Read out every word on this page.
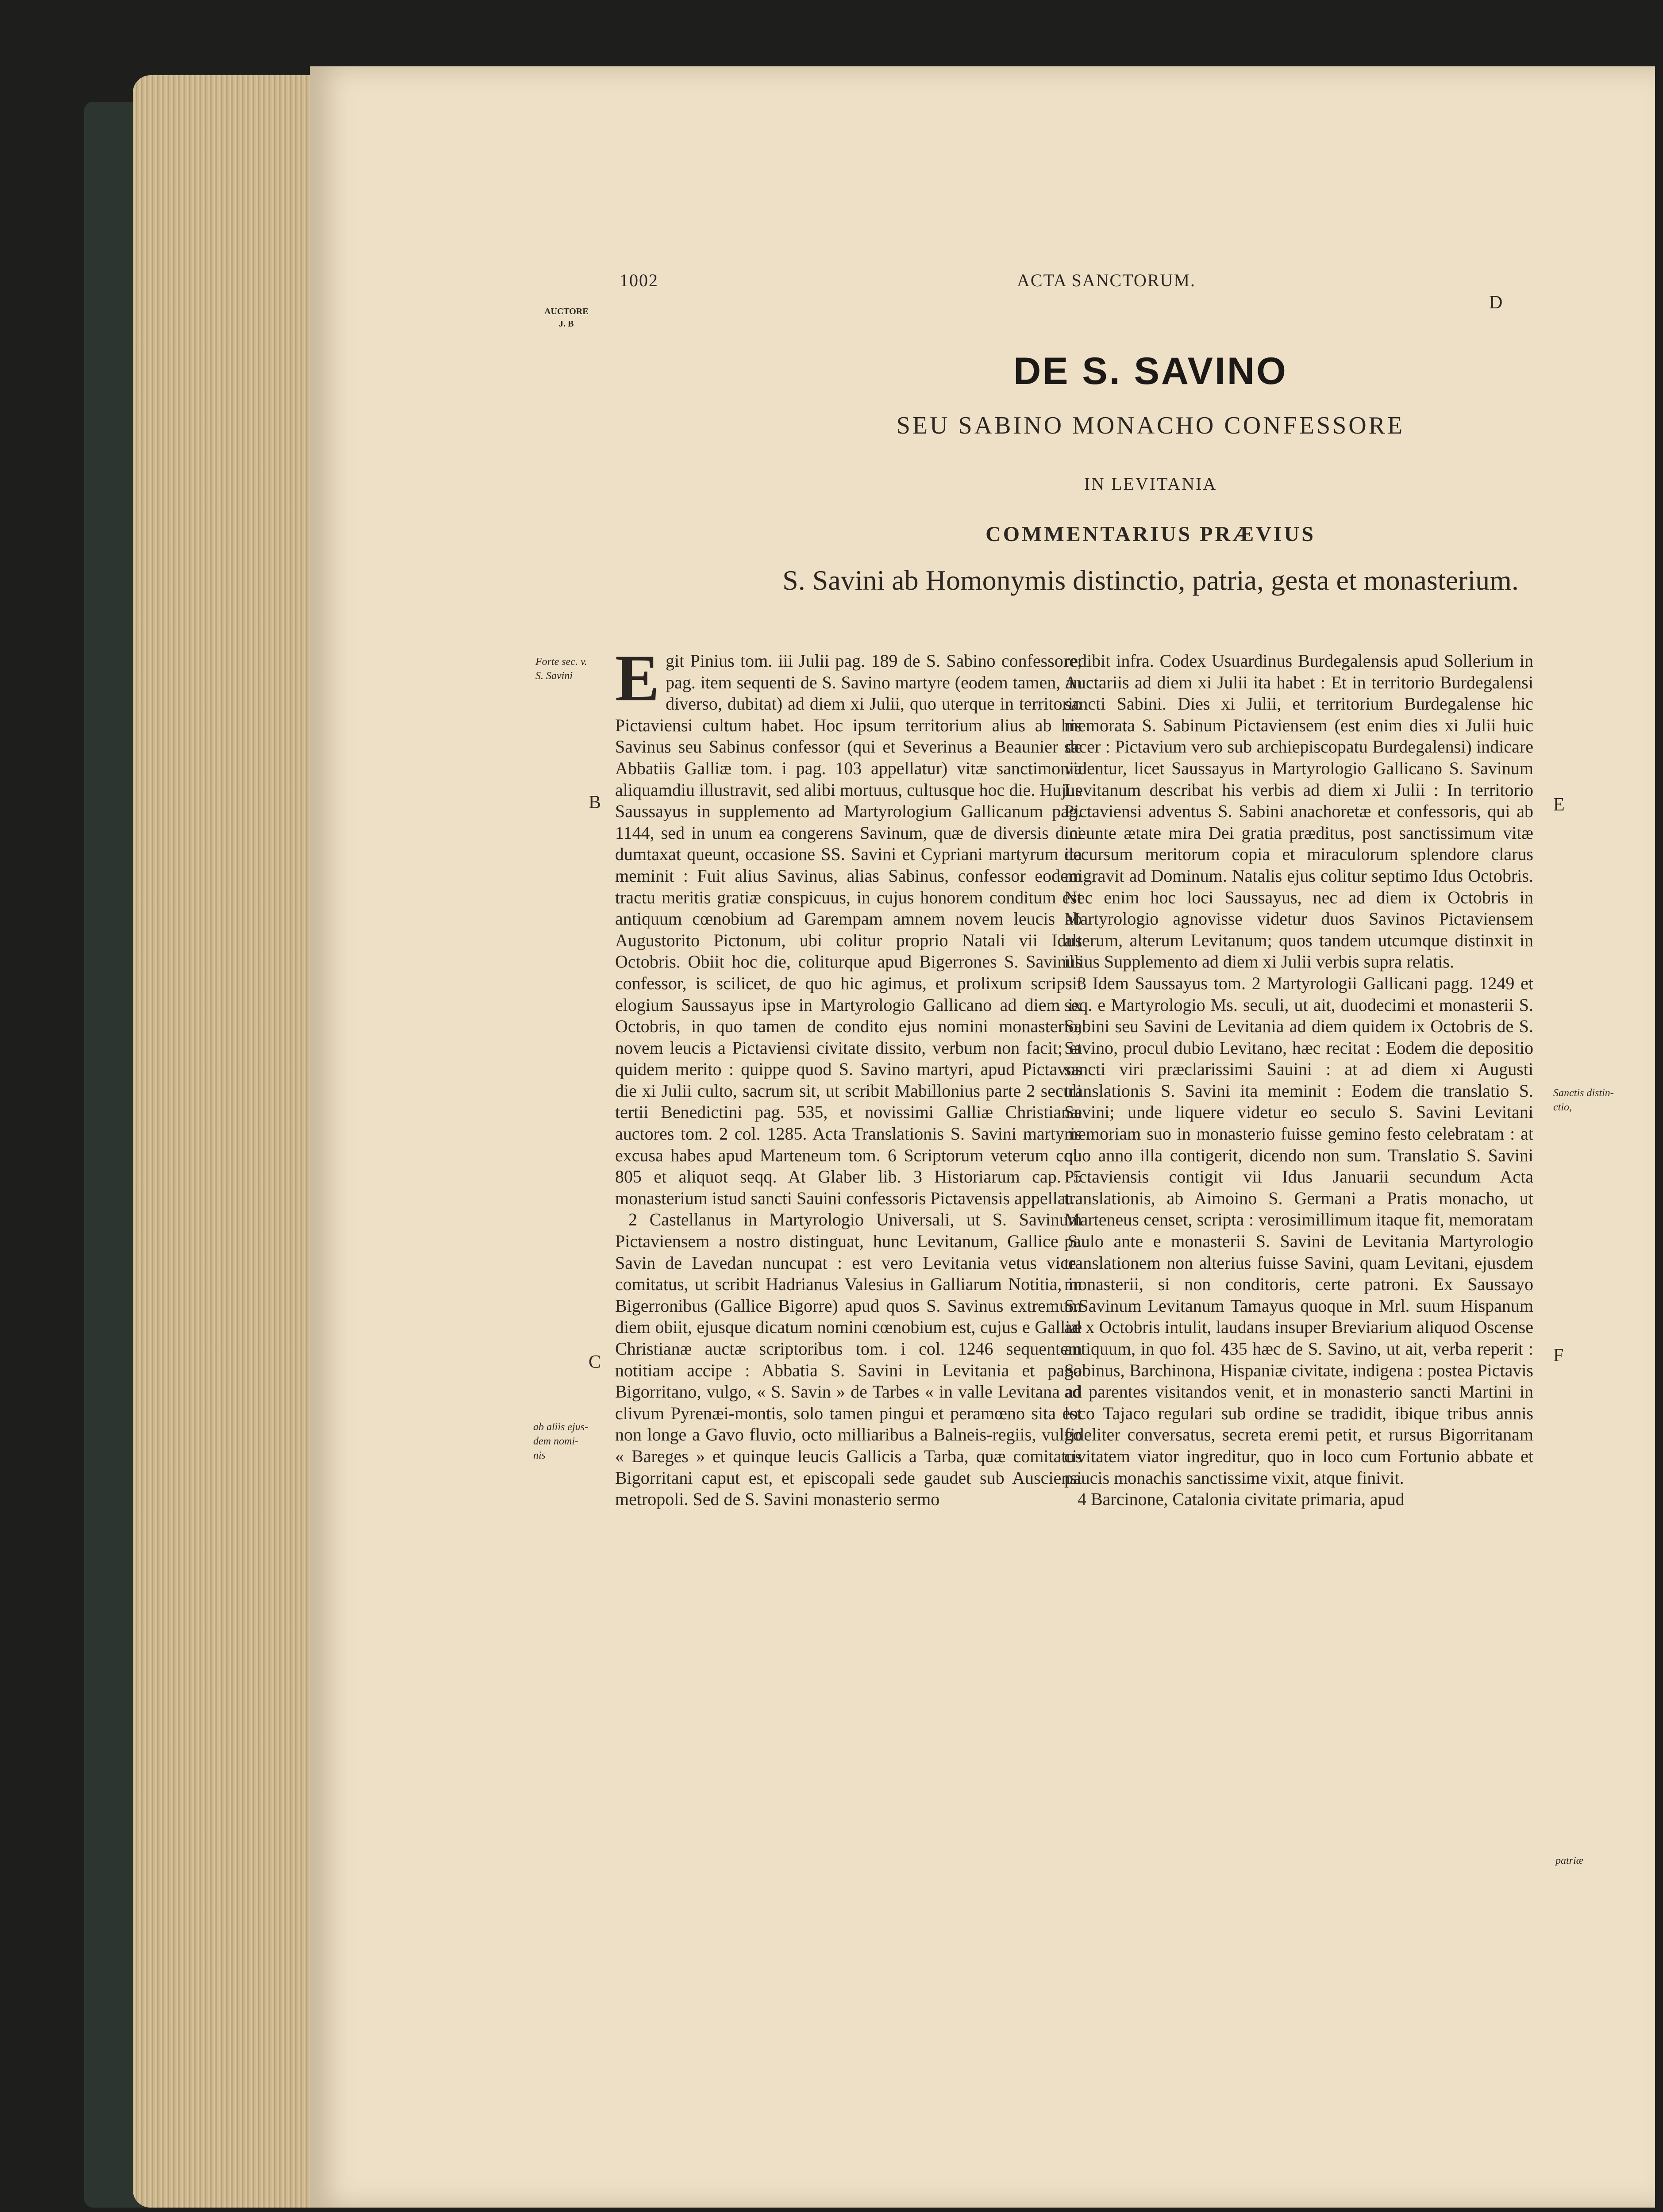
1002	ACTA SANCTORUM.
AUCTORE
J. B
D
DE S. SAVINO
SEU SABINO MONACHO CONFESSORE
IN LEVITANIA
COMMENTARIUS PRÆVIUS
S. Savini ab Homonymis distinctio, patria, gesta et monasterium.
Forte sec. v.
S. Savini
B
C
ab aliis ejus-
dem nomi-
nis
E
F
Sanctis distin-
ctio,
patriæ
E git Pinius tom. iii Julii pag. 189 de S. Sabino confessore; pag. item sequenti de S. Savino martyre (eodem tamen, an diverso, dubitat) ad diem xi Julii, quo uterque in territorio Pictaviensi cultum habet. Hoc ipsum territorium alius ab his Savinus seu Sabinus confessor (qui et Severinus a Beaunier de Abbatiis Galliæ tom. i pag. 103 appellatur) vitæ sanctimonia aliquamdiu illustravit, sed alibi mortuus, cultusque hoc die. Hujus Saussayus in supplemento ad Martyrologium Gallicanum pag. 1144, sed in unum ea congerens Savinum, quæ de diversis dici dumtaxat queunt, occasione SS. Savini et Cypriani martyrum ita meminit : Fuit alius Savinus, alias Sabinus, confessor eodem tractu meritis gratiæ conspicuus, in cujus honorem conditum est antiquum cœnobium ad Garempam amnem novem leucis ab Augustorito Pictonum, ubi colitur proprio Natali vii Idus Octobris. Obiit hoc die, coliturque apud Bigerrones S. Savinus confessor, is scilicet, de quo hic agimus, et prolixum scripsit elogium Saussayus ipse in Martyrologio Gallicano ad diem ix Octobris, in quo tamen de condito ejus nomini monasterio, novem leucis a Pictaviensi civitate dissito, verbum non facit; et quidem merito : quippe quod S. Savino martyri, apud Pictavos die xi Julii culto, sacrum sit, ut scribit Mabillonius parte 2 seculi tertii Benedictini pag. 535, et novissimi Galliæ Christianæ auctores tom. 2 col. 1285. Acta Translationis S. Savini martyris excusa habes apud Marteneum tom. 6 Scriptorum veterum col. 805 et aliquot seqq. At Glaber lib. 3 Historiarum cap. 5 monasterium istud sancti Sauini confessoris Pictavensis appellat.

2 Castellanus in Martyrologio Universali, ut S. Savinum Pictaviensem a nostro distinguat, hunc Levitanum, Gallice S. Savin de Lavedan nuncupat : est vero Levitania vetus vice-comitatus, ut scribit Hadrianus Valesius in Galliarum Notitia, in Bigerronibus (Gallice Bigorre) apud quos S. Savinus extremum diem obiit, ejusque dicatum nomini cœnobium est, cujus e Galliæ Christianæ auctæ scriptoribus tom. i col. 1246 sequentem notitiam accipe : Abbatia S. Savini in Levitania et pago Bigorritano, vulgo, « S. Savin » de Tarbes « in valle Levitana ad clivum Pyrenæi-montis, solo tamen pingui et peramœno sita est non longe a Gavo fluvio, octo milliaribus a Balneis-regiis, vulgo « Bareges » et quinque leucis Gallicis a Tarba, quæ comitatus Bigorritani caput est, et episcopali sede gaudet sub Ausciensi metropoli. Sed de S. Savini monasterio sermo

redibit infra. Codex Usuardinus Burdegalensis apud Sollerium in Auctariis ad diem xi Julii ita habet : Et in territorio Burdegalensi sancti Sabini. Dies xi Julii, et territorium Burdegalense hic memorata S. Sabinum Pictaviensem (est enim dies xi Julii huic sacer : Pictavium vero sub archiepiscopatu Burdegalensi) indicare videntur, licet Saussayus in Martyrologio Gallicano S. Savinum Levitanum describat his verbis ad diem xi Julii : In territorio Pictaviensi adventus S. Sabini anachoretæ et confessoris, qui ab ineunte ætate mira Dei gratia præditus, post sanctissimum vitæ decursum meritorum copia et miraculorum splendore clarus migravit ad Dominum. Natalis ejus colitur septimo Idus Octobris. Nec enim hoc loci Saussayus, nec ad diem ix Octobris in Martyrologio agnovisse videtur duos Savinos Pictaviensem alterum, alterum Levitanum; quos tandem utcumque distinxit in illius Supplemento ad diem xi Julii verbis supra relatis.

3 Idem Saussayus tom. 2 Martyrologii Gallicani pagg. 1249 et seq. e Martyrologio Ms. seculi, ut ait, duodecimi et monasterii S. Sabini seu Savini de Levitania ad diem quidem ix Octobris de S. Savino, procul dubio Levitano, hæc recitat : Eodem die depositio sancti viri præclarissimi Sauini : at ad diem xi Augusti translationis S. Savini ita meminit : Eodem die translatio S. Savini; unde liquere videtur eo seculo S. Savini Levitani memoriam suo in monasterio fuisse gemino festo celebratam : at quo anno illa contigerit, dicendo non sum. Translatio S. Savini Pictaviensis contigit vii Idus Januarii secundum Acta translationis, ab Aimoino S. Germani a Pratis monacho, ut Marteneus censet, scripta : verosimillimum itaque fit, memoratam paulo ante e monasterii S. Savini de Levitania Martyrologio translationem non alterius fuisse Savini, quam Levitani, ejusdem monasterii, si non conditoris, certe patroni. Ex Saussayo S.Savinum Levitanum Tamayus quoque in Mrl. suum Hispanum ad x Octobris intulit, laudans insuper Breviarium aliquod Oscense antiquum, in quo fol. 435 hæc de S. Savino, ut ait, verba reperit : Sabinus, Barchinona, Hispaniæ civitate, indigena : postea Pictavis ad parentes visitandos venit, et in monasterio sancti Martini in loco Tajaco regulari sub ordine se tradidit, ibique tribus annis fideliter conversatus, secreta eremi petit, et rursus Bigorritanam civitatem viator ingreditur, quo in loco cum Fortunio abbate et paucis monachis sanctissime vixit, atque finivit.

4 Barcinone, Catalonia civitate primaria, apud
